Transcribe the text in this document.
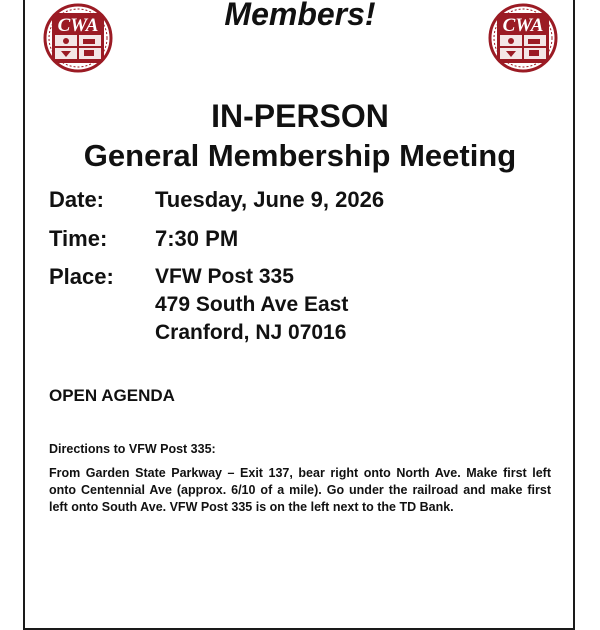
CWA	CWA
Members!
IN-PERSON
General Membership Meeting
Date: Tuesday, June 9, 2026
Time: 7:30 PM
Place: VFW Post 335
479 South Ave East
Cranford, NJ 07016

OPEN AGENDA

Directions to VFW Post 335:

From Garden State Parkway – Exit 137, bear right onto North Ave. Make first left onto Centennial Ave (approx. 6/10 of a mile). Go under the railroad and make first left onto South Ave. VFW Post 335 is on the left next to the TD Bank.
